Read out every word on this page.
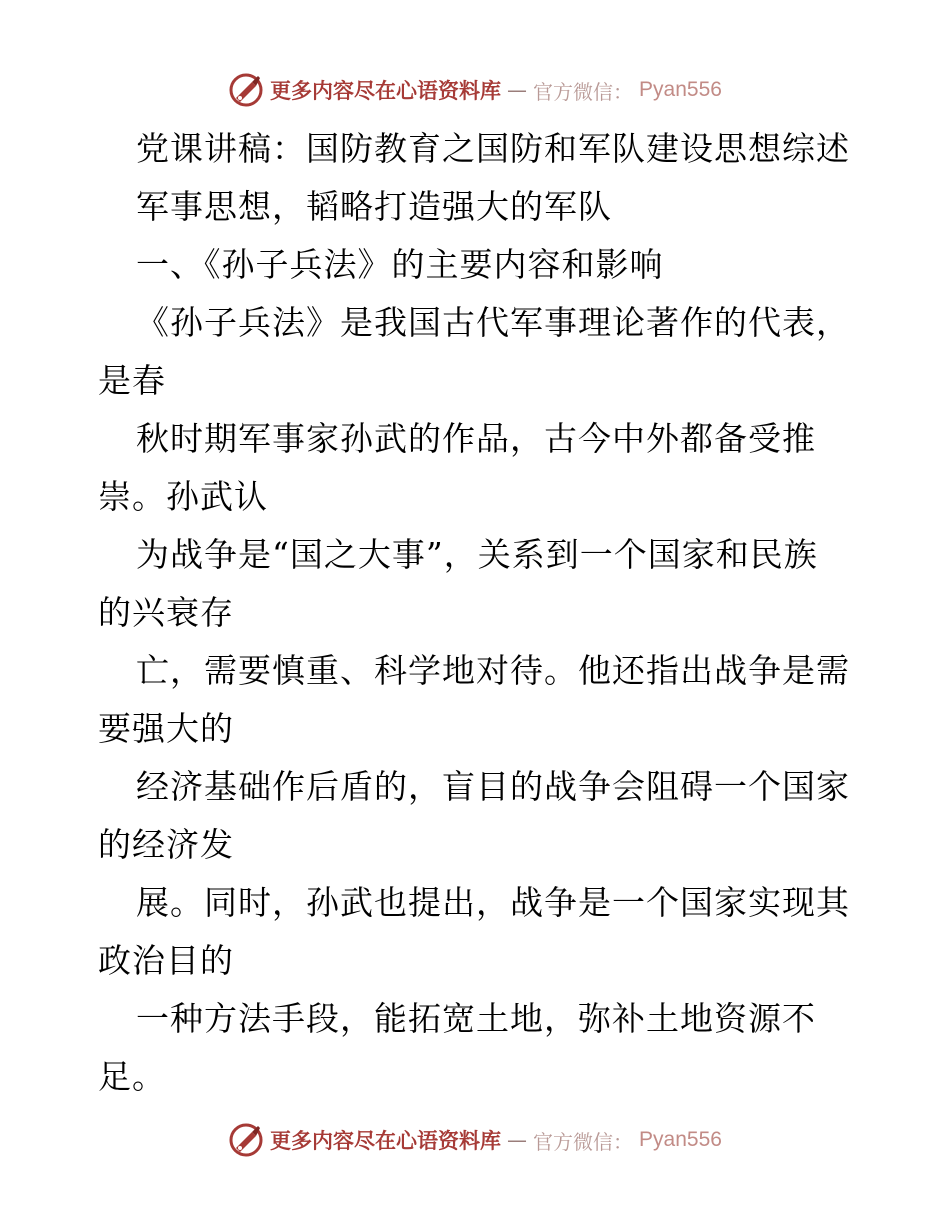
更多内容尽在心语资料库 — 官方微信： Pyan556
党课讲稿：国防教育之国防和军队建设思想综述
军事思想，韬略打造强大的军队
一、《孙子兵法》的主要内容和影响
《孙子兵法》是我国古代军事理论著作的代表，
是春
秋时期军事家孙武的作品，古今中外都备受推
崇。孙武认
为战争是“国之大事”，关系到一个国家和民族
的兴衰存
亡，需要慎重、科学地对待。他还指出战争是需
要强大的
经济基础作后盾的，盲目的战争会阻碍一个国家
的经济发
展。同时，孙武也提出，战争是一个国家实现其
政治目的
一种方法手段，能拓宽土地，弥补土地资源不
足。
更多内容尽在心语资料库 — 官方微信： Pyan556
